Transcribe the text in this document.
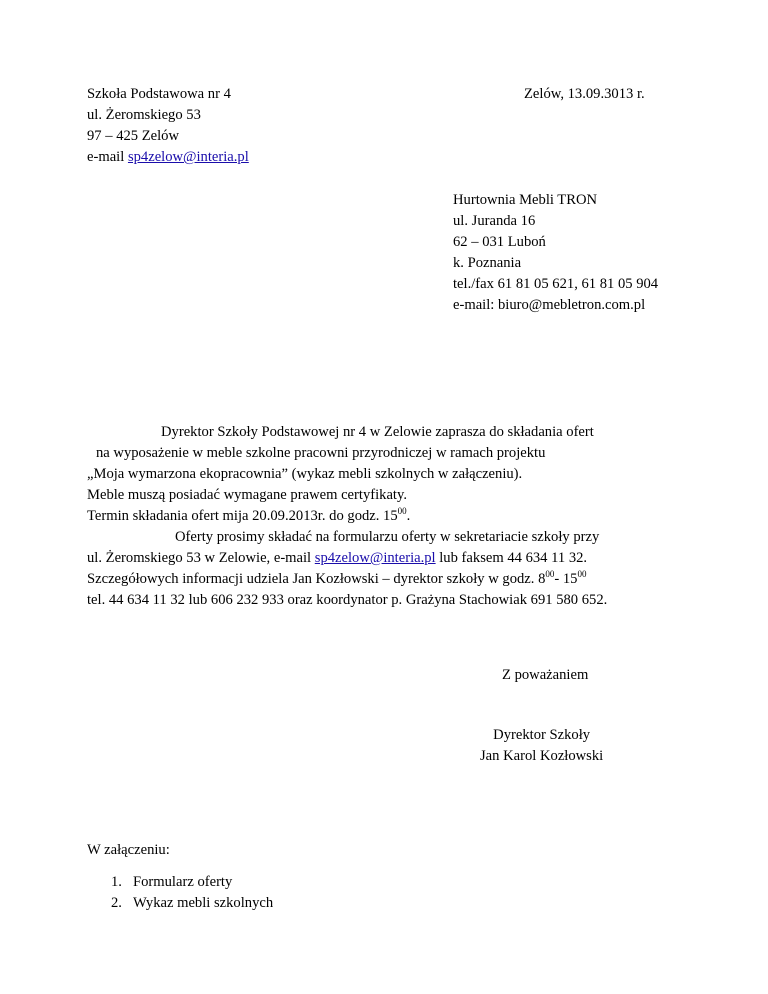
Szkoła Podstawowa nr 4
ul. Żeromskiego 53
97 – 425 Zelów
e-mail sp4zelow@interia.pl
Zelów, 13.09.3013 r.
Hurtownia Mebli TRON
ul. Juranda 16
62 – 031 Luboń
k. Poznania
tel./fax 61 81 05 621, 61 81 05 904
e-mail: biuro@mebletron.com.pl
Dyrektor Szkoły Podstawowej nr 4 w Zelowie zaprasza do składania ofert
na wyposażenie w meble szkolne pracowni przyrodniczej w ramach projektu
„Moja wymarzona ekopracownia” (wykaz mebli szkolnych w załączeniu).
Meble muszą posiadać wymagane prawem certyfikaty.
Termin składania ofert mija 20.09.2013r. do godz. $15^{00}$.
Oferty prosimy składać na formularzu oferty w sekretariacie szkoły przy
ul. Żeromskiego 53 w Zelowie, e-mail sp4zelow@interia.pl lub faksem 44 634 11 32.
Szczegółowych informacji udziela Jan Kozłowski – dyrektor szkoły w godz. $8^{00}-$ $15^{00}$
tel. 44 634 11 32 lub 606 232 933 oraz koordynator p. Grażyna Stachowiak 691 580 652.
Z poważaniem
Dyrektor Szkoły
Jan Karol Kozłowski
W załączeniu:
1. Formularz oferty
2. Wykaz mebli szkolnych
